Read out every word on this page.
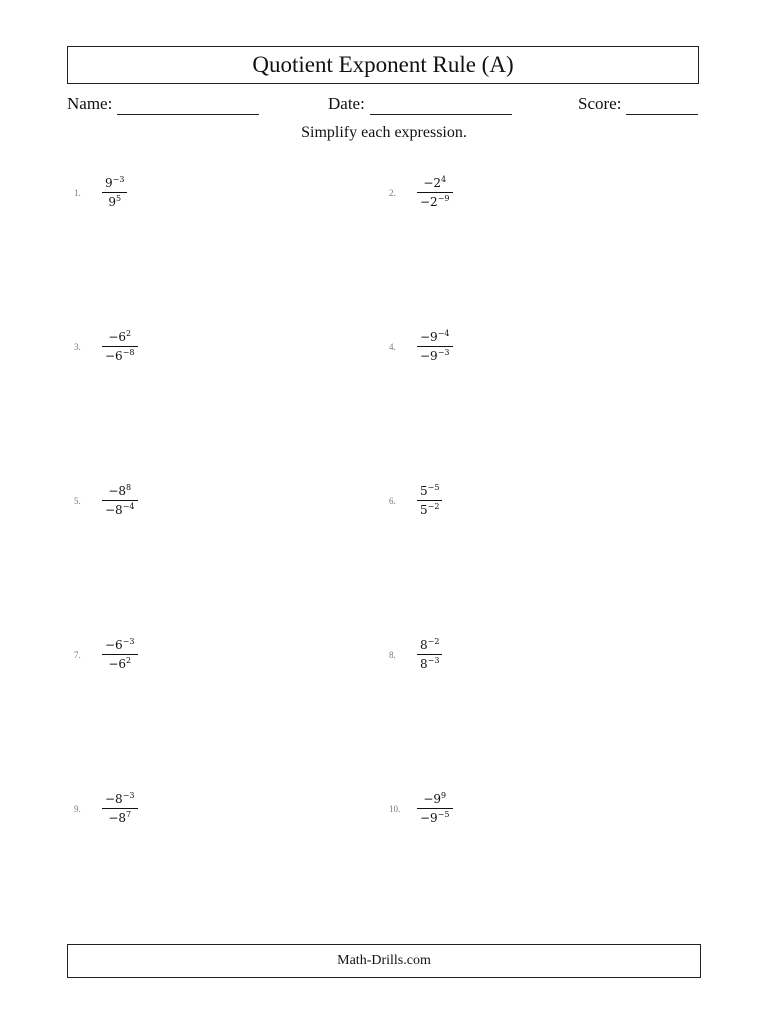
Quotient Exponent Rule (A)
Name:	Date:	Score:
Simplify each expression.
1.	$\frac{9^{-3}}{9^5}$	2.	$\frac{-2^4}{-2^{-9}}$
3.	$\frac{-6^2}{-6^{-8}}$	4.	$\frac{-9^{-4}}{-9^{-3}}$
5.	$\frac{-8^8}{-8^{-4}}$	6.	$\frac{5^{-5}}{5^{-2}}$
7.	$\frac{-6^{-3}}{-6^2}$	8.	$\frac{8^{-2}}{8^{-3}}$
9.	$\frac{-8^{-3}}{-8^7}$	10.	$\frac{-9^9}{-9^{-5}}$
Math-Drills.com
